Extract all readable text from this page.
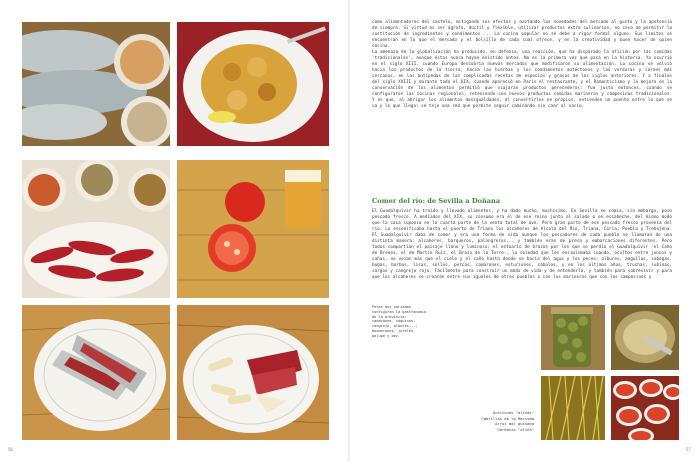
56

como alimentadores del castelo, mitigando sus efectos y azotando las novedades del mercado al gusto y la apetencia de siempre. Si virtud es ser ágrafa, dúctil y flexible, utilizar productos extra culinarios, no cesa de permitir la sustitución de ingredientes y condimentos ... La cocina popular no se debe a rigor formal alguno. Sus límites se encuentran en lo que el mercado y el bolsillo de cada cual ofrece, y en la creatividad y buen hacer de quien cocina.
La amenaza de la globalización ha producido, en defensa, una reacción, que ha disparado la afición por las comidas 'tradicionales', aunque éstas nunca hayan existido antes. No es la primera vez que pasa en la historia. Ya ocurrió en el siglo XIII, cuando Europa descubría nuevos mercados que modificaron su alimentación. La cocina se volvió hacia los productos de la tierra, hacia las hierbas y los condimentos autóctonos y las verduras y carnes más cercanas, en las antípodas de las complicadas recetas de especias y grasas de los siglos anteriores. Y a finales del siglo XVIII y durante todo el XIX, cuando apareció en París el restaurante, y el Romanticismo y la mejora en la conservación de los alimentos permitió que viajaran productos perecederos: fue justo entonces, cuando se configuraron las cocinas regionales, reteniendo con nuevos productos comidas marineras y campesinas tradicionales. Y es que, al abrigar los alimentos desigualdades, al convertirlos en propios, entienden un puente entre lo que se va y lo que llega: se teje una red que permite seguir caminando sin caer al vacío.

Comer del río: de Sevilla a Doñana

El Guadalquivir ha traído y llevado alimentos, y ha dado mucho, muchísimo. En Sevilla se comía, sin embargo, poco pescado fresco. A mediados del XIX, su consumo era el de ese reino junto al salado o en escabeche, del mismo modo que la casa suponía en la cuarta parte de la venta total de ave. Pero gran parte de ese pescado fresco provenía del río. Lo escenificaba hasta el puerto de Triana los alcaheres de Alcalá del Río, Triana, Coria, Puebla y Trebujena. El Guadalquivir daba de comer y era una forma de vida aunque los pescadores de cada pueblo se llamaran de una distinta manera: alcaheres, barqueros, palangreros... y también eran de presa y embarcaciones diferentes. Pero todos compartían el paisaje llano y luminoso; el estuario de brazos por los que se perdía el Guadalquivir -el Caño de Brenes, el de Martín Ruiz, el Brazo de la Torre-, la soledad que les ensimismaba cuando, ocultos entre juncos y cañas, no veían más que el cielo y el caño hasta donde se hacía del agua y los peces: albures, anguilas, sabogas, bogas, barbos, lisas, sollos, percas, camarones, esturiones, sábalos, y en los últimos años, truchas, lubinas, sargos y cangrejo rojo. Fácilmente para construir un modo de vida y de entenderla, y también para sobrevivir y para que los alcaheres se crearan entre sus iguales de otros pueblos o con los marineros que con los campesinos y

Peces muy variados configuran la gastronomía de la provincia: camarones, coquinas, cangrejo, albures...; boquerones, jureles, galupe y pez.
Aceitunas "aliñás"
Cabrillas de la Marisma
Arroz mal guisado
Garbanzo "aliñá"
57
